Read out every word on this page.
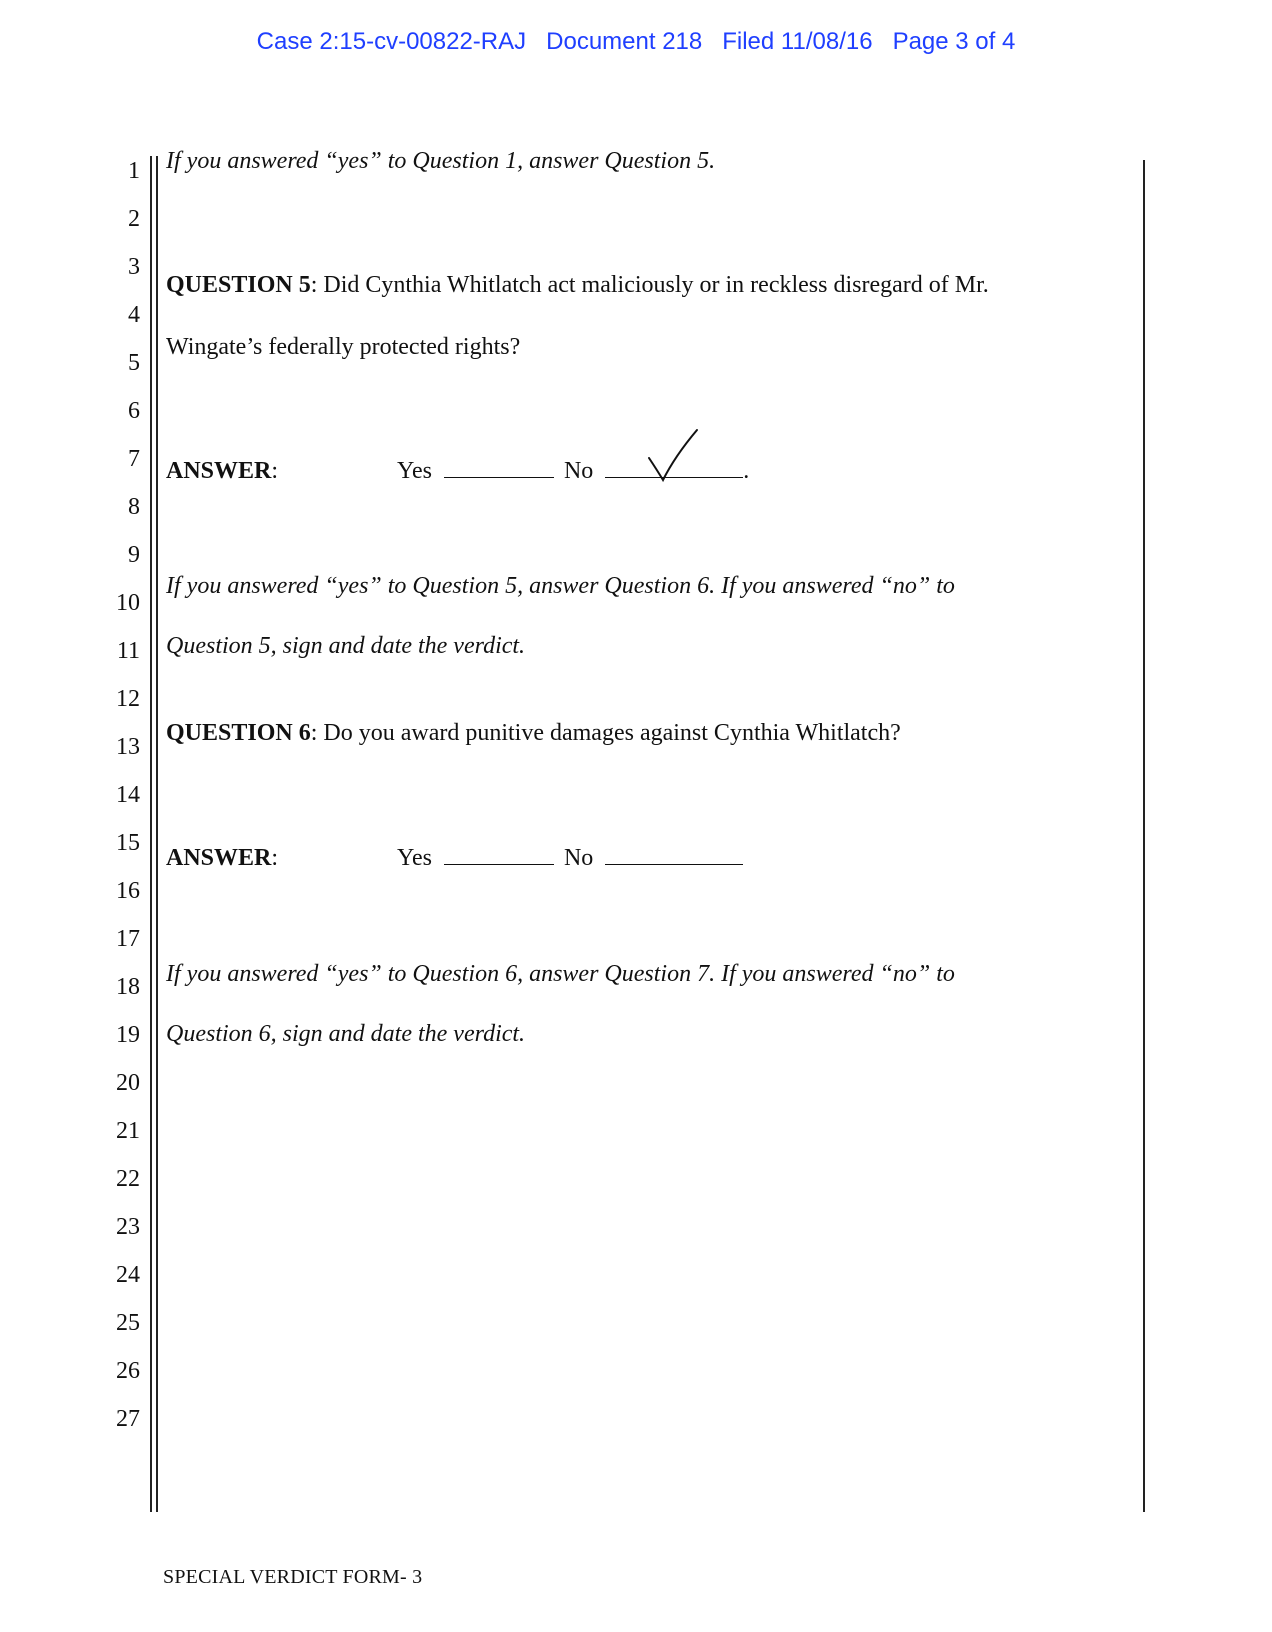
Case 2:15-cv-00822-RAJ Document 218 Filed 11/08/16 Page 3 of 4
1
2
3
4
5
6
7
8
9
10
11
12
13
14
15
16
17
18
19
20
21
22
23
24
25
26
27
If you answered “yes” to Question 1, answer Question 5.
QUESTION 5: Did Cynthia Whitlatch act maliciously or in reckless disregard of Mr.
Wingate’s federally protected rights?
ANSWER:	Yes	No	.
If you answered “yes” to Question 5, answer Question 6. If you answered “no” to
Question 5, sign and date the verdict.
QUESTION 6: Do you award punitive damages against Cynthia Whitlatch?
ANSWER:	Yes	No
If you answered “yes” to Question 6, answer Question 7. If you answered “no” to
Question 6, sign and date the verdict.
SPECIAL VERDICT FORM- 3
